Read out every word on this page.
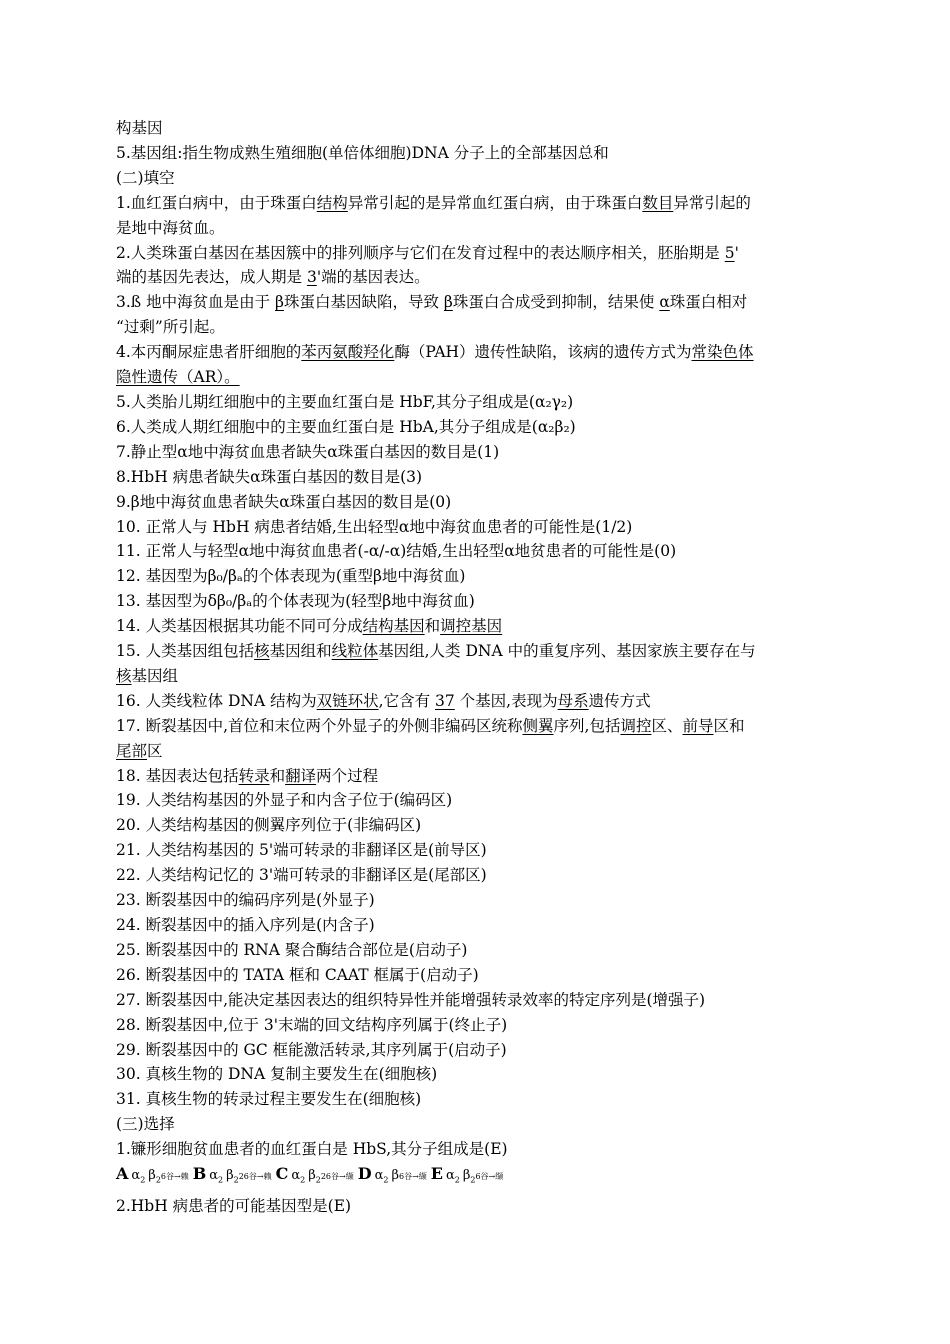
构基因
5.基因组:指生物成熟生殖细胞(单倍体细胞)DNA 分子上的全部基因总和
(二)填空
1.血红蛋白病中，由于珠蛋白结构异常引起的是异常血红蛋白病，由于珠蛋白数目异常引起的
是地中海贫血。
2.人类珠蛋白基因在基因簇中的排列顺序与它们在发育过程中的表达顺序相关，胚胎期是 5'
端的基因先表达，成人期是 3'端的基因表达。
3.ß 地中海贫血是由于 β珠蛋白基因缺陷，导致 β珠蛋白合成受到抑制，结果使 α珠蛋白相对
“过剩”所引起。
4.本丙酮尿症患者肝细胞的苯丙氨酸羟化酶（PAH）遗传性缺陷，该病的遗传方式为常染色体
隐性遗传（AR）。
5.人类胎儿期红细胞中的主要血红蛋白是 HbF,其分子组成是(α₂γ₂)
6.人类成人期红细胞中的主要血红蛋白是 HbA,其分子组成是(α₂β₂)
7.静止型α地中海贫血患者缺失α珠蛋白基因的数目是(1)
8.HbH 病患者缺失α珠蛋白基因的数目是(3)
9.β地中海贫血患者缺失α珠蛋白基因的数目是(0)
10. 正常人与 HbH 病患者结婚,生出轻型α地中海贫血患者的可能性是(1/2)
11. 正常人与轻型α地中海贫血患者(-α/-α)结婚,生出轻型α地贫患者的可能性是(0)
12. 基因型为β₀/βₐ的个体表现为(重型β地中海贫血)
13. 基因型为δβ₀/βₐ的个体表现为(轻型β地中海贫血)
14. 人类基因根据其功能不同可分成结构基因和调控基因
15. 人类基因组包括核基因组和线粒体基因组,人类 DNA 中的重复序列、基因家族主要存在与
核基因组
16. 人类线粒体 DNA 结构为双链环状,它含有 37 个基因,表现为母系遗传方式
17. 断裂基因中,首位和末位两个外显子的外侧非编码区统称侧翼序列,包括调控区、前导区和
尾部区
18. 基因表达包括转录和翻译两个过程
19. 人类结构基因的外显子和内含子位于(编码区)
20. 人类结构基因的侧翼序列位于(非编码区)
21. 人类结构基因的 5'端可转录的非翻译区是(前导区)
22. 人类结构记忆的 3'端可转录的非翻译区是(尾部区)
23. 断裂基因中的编码序列是(外显子)
24. 断裂基因中的插入序列是(内含子)
25. 断裂基因中的 RNA 聚合酶结合部位是(启动子)
26. 断裂基因中的 TATA 框和 CAAT 框属于(启动子)
27. 断裂基因中,能决定基因表达的组织特异性并能增强转录效率的特定序列是(增强子)
28. 断裂基因中,位于 3'末端的回文结构序列属于(终止子)
29. 断裂基因中的 GC 框能激活转录,其序列属于(启动子)
30. 真核生物的 DNA 复制主要发生在(细胞核)
31. 真核生物的转录过程主要发生在(细胞核)
(三)选择
1.镰形细胞贫血患者的血红蛋白是 HbS,其分子组成是(E)
A $\alpha_2$ $\beta_26$谷→赖 B $\alpha_2$ $\beta_226$谷→赖 C $\alpha_2$ $\beta_226$谷→缬 D $\alpha_2$ β6谷→缬 E $\alpha_2$ $\beta_26$谷→缬
2.HbH 病患者的可能基因型是(E)
